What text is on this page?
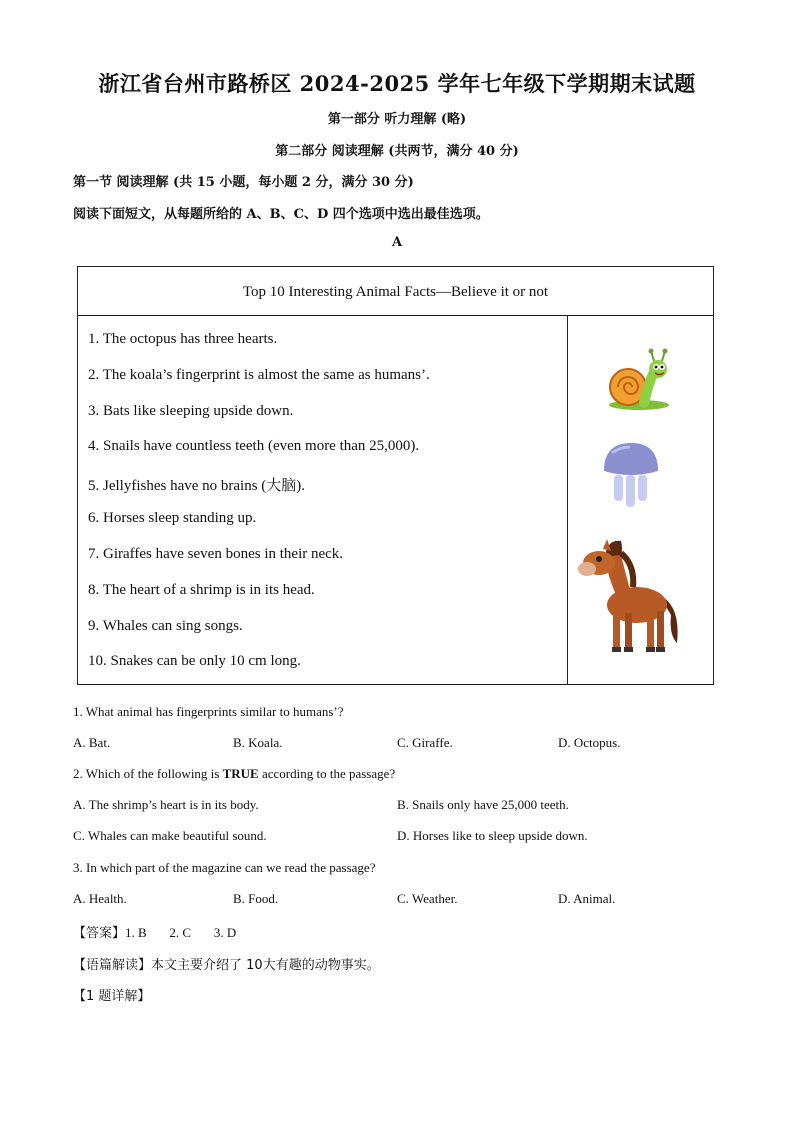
浙江省台州市路桥区 2024-2025 学年七年级下学期期末试题
第一部分 听力理解 (略)
第二部分 阅读理解 (共两节，满分 40 分)
第一节 阅读理解 (共 15 小题，每小题 2 分，满分 30 分)
阅读下面短文，从每题所给的 A、B、C、D 四个选项中选出最佳选项。
A
Top 10 Interesting Animal Facts—Believe it or not
1. The octopus has three hearts.
2. The koala’s fingerprint is almost the same as humans’.
3. Bats like sleeping upside down.
4. Snails have countless teeth (even more than 25,000).
5. Jellyfishes have no brains (大脑).
6. Horses sleep standing up.
7. Giraffes have seven bones in their neck.
8. The heart of a shrimp is in its head.
9. Whales can sing songs.
10. Snakes can be only 10 cm long.
1. What animal has fingerprints similar to humans’?
A. Bat.	B. Koala.	C. Giraffe.	D. Octopus.
2. Which of the following is TRUE according to the passage?
A. The shrimp’s heart is in its body.	B. Snails only have 25,000 teeth.
C. Whales can make beautiful sound.	D. Horses like to sleep upside down.
3. In which part of the magazine can we read the passage?
A. Health.	B. Food.	C. Weather.	D. Animal.
【答案】1. B       2. C       3. D
【语篇解读】本文主要介绍了 10大有趣的动物事实。
【1 题详解】
